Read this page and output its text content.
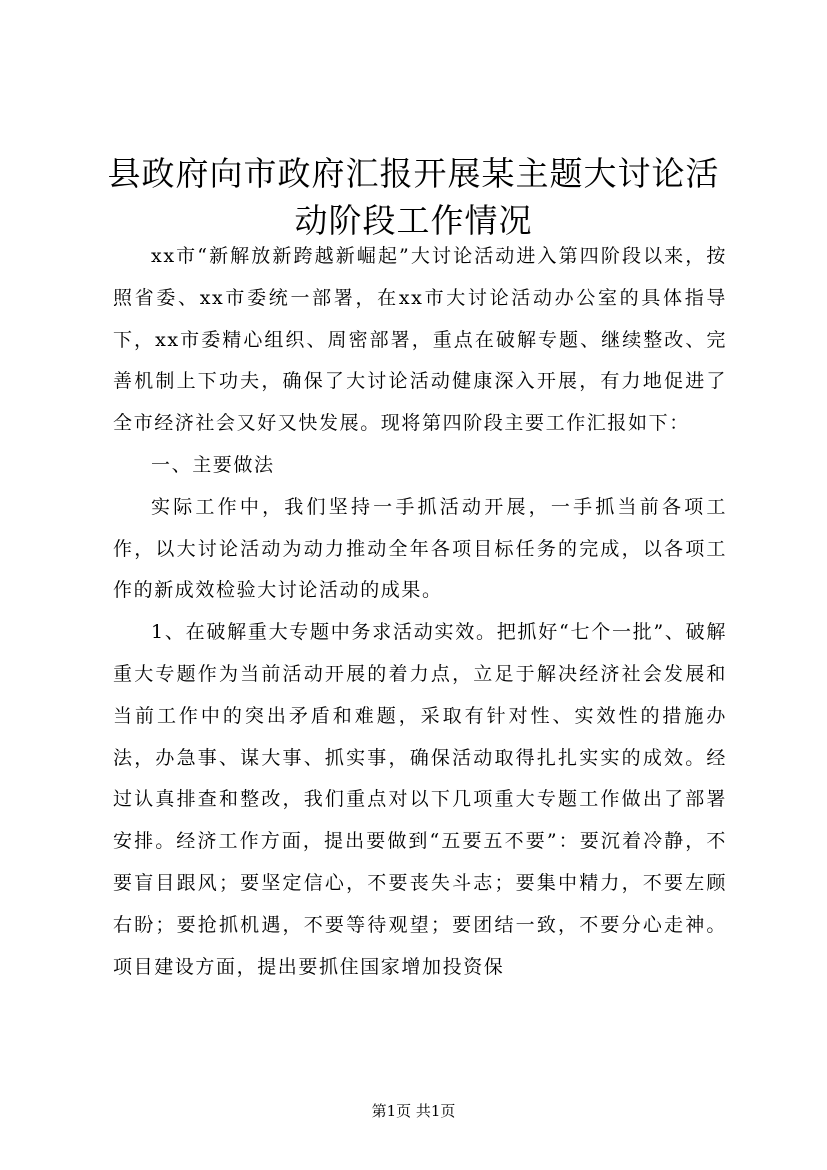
县政府向市政府汇报开展某主题大讨论活动阶段工作情况

xx市“新解放新跨越新崛起”大讨论活动进入第四阶段以来，按照省委、xx市委统一部署，在xx市大讨论活动办公室的具体指导下，xx市委精心组织、周密部署，重点在破解专题、继续整改、完善机制上下功夫，确保了大讨论活动健康深入开展，有力地促进了全市经济社会又好又快发展。现将第四阶段主要工作汇报如下：

一、主要做法

实际工作中，我们坚持一手抓活动开展，一手抓当前各项工作，以大讨论活动为动力推动全年各项目标任务的完成，以各项工作的新成效检验大讨论活动的成果。

1、在破解重大专题中务求活动实效。把抓好“七个一批”、破解重大专题作为当前活动开展的着力点，立足于解决经济社会发展和当前工作中的突出矛盾和难题，采取有针对性、实效性的措施办法，办急事、谋大事、抓实事，确保活动取得扎扎实实的成效。经过认真排查和整改，我们重点对以下几项重大专题工作做出了部署安排。经济工作方面，提出要做到“五要五不要”：要沉着冷静，不要盲目跟风；要坚定信心，不要丧失斗志；要集中精力，不要左顾右盼；要抢抓机遇，不要等待观望；要团结一致，不要分心走神。项目建设方面，提出要抓住国家增加投资保

第1页 共1页
